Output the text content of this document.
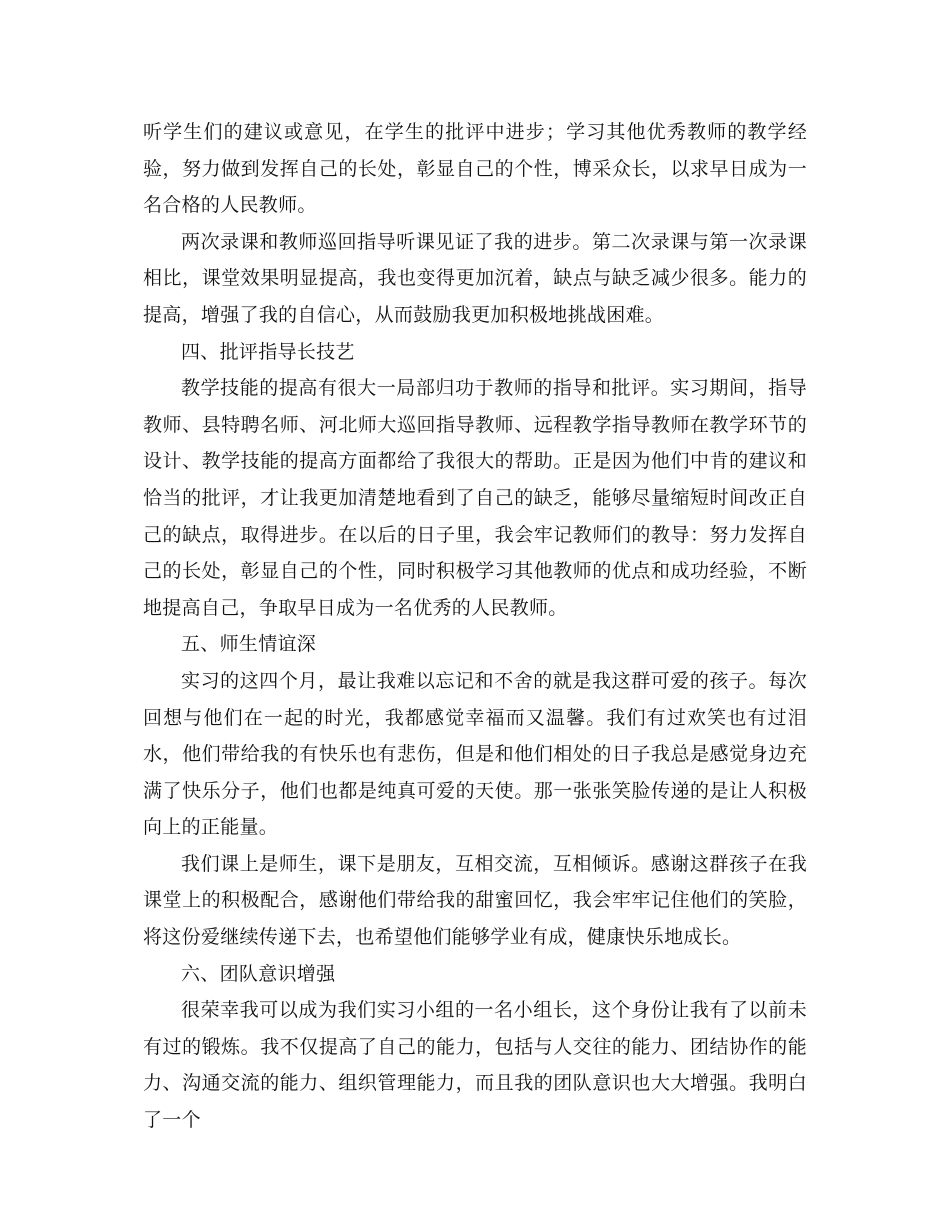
听学生们的建议或意见，在学生的批评中进步；学习其他优秀教师的教学经验，努力做到发挥自己的长处，彰显自己的个性，博采众长，以求早日成为一名合格的人民教师。

两次录课和教师巡回指导听课见证了我的进步。第二次录课与第一次录课相比，课堂效果明显提高，我也变得更加沉着，缺点与缺乏减少很多。能力的提高，增强了我的自信心，从而鼓励我更加积极地挑战困难。

四、批评指导长技艺

教学技能的提高有很大一局部归功于教师的指导和批评。实习期间，指导教师、县特聘名师、河北师大巡回指导教师、远程教学指导教师在教学环节的设计、教学技能的提高方面都给了我很大的帮助。正是因为他们中肯的建议和恰当的批评，才让我更加清楚地看到了自己的缺乏，能够尽量缩短时间改正自己的缺点，取得进步。在以后的日子里，我会牢记教师们的教导：努力发挥自己的长处，彰显自己的个性，同时积极学习其他教师的优点和成功经验，不断地提高自己，争取早日成为一名优秀的人民教师。

五、师生情谊深

实习的这四个月，最让我难以忘记和不舍的就是我这群可爱的孩子。每次回想与他们在一起的时光，我都感觉幸福而又温馨。我们有过欢笑也有过泪水，他们带给我的有快乐也有悲伤，但是和他们相处的日子我总是感觉身边充满了快乐分子，他们也都是纯真可爱的天使。那一张张笑脸传递的是让人积极向上的正能量。

我们课上是师生，课下是朋友，互相交流，互相倾诉。感谢这群孩子在我课堂上的积极配合，感谢他们带给我的甜蜜回忆，我会牢牢记住他们的笑脸，将这份爱继续传递下去，也希望他们能够学业有成，健康快乐地成长。

六、团队意识增强

很荣幸我可以成为我们实习小组的一名小组长，这个身份让我有了以前未有过的锻炼。我不仅提高了自己的能力，包括与人交往的能力、团结协作的能力、沟通交流的能力、组织管理能力，而且我的团队意识也大大增强。我明白了一个
